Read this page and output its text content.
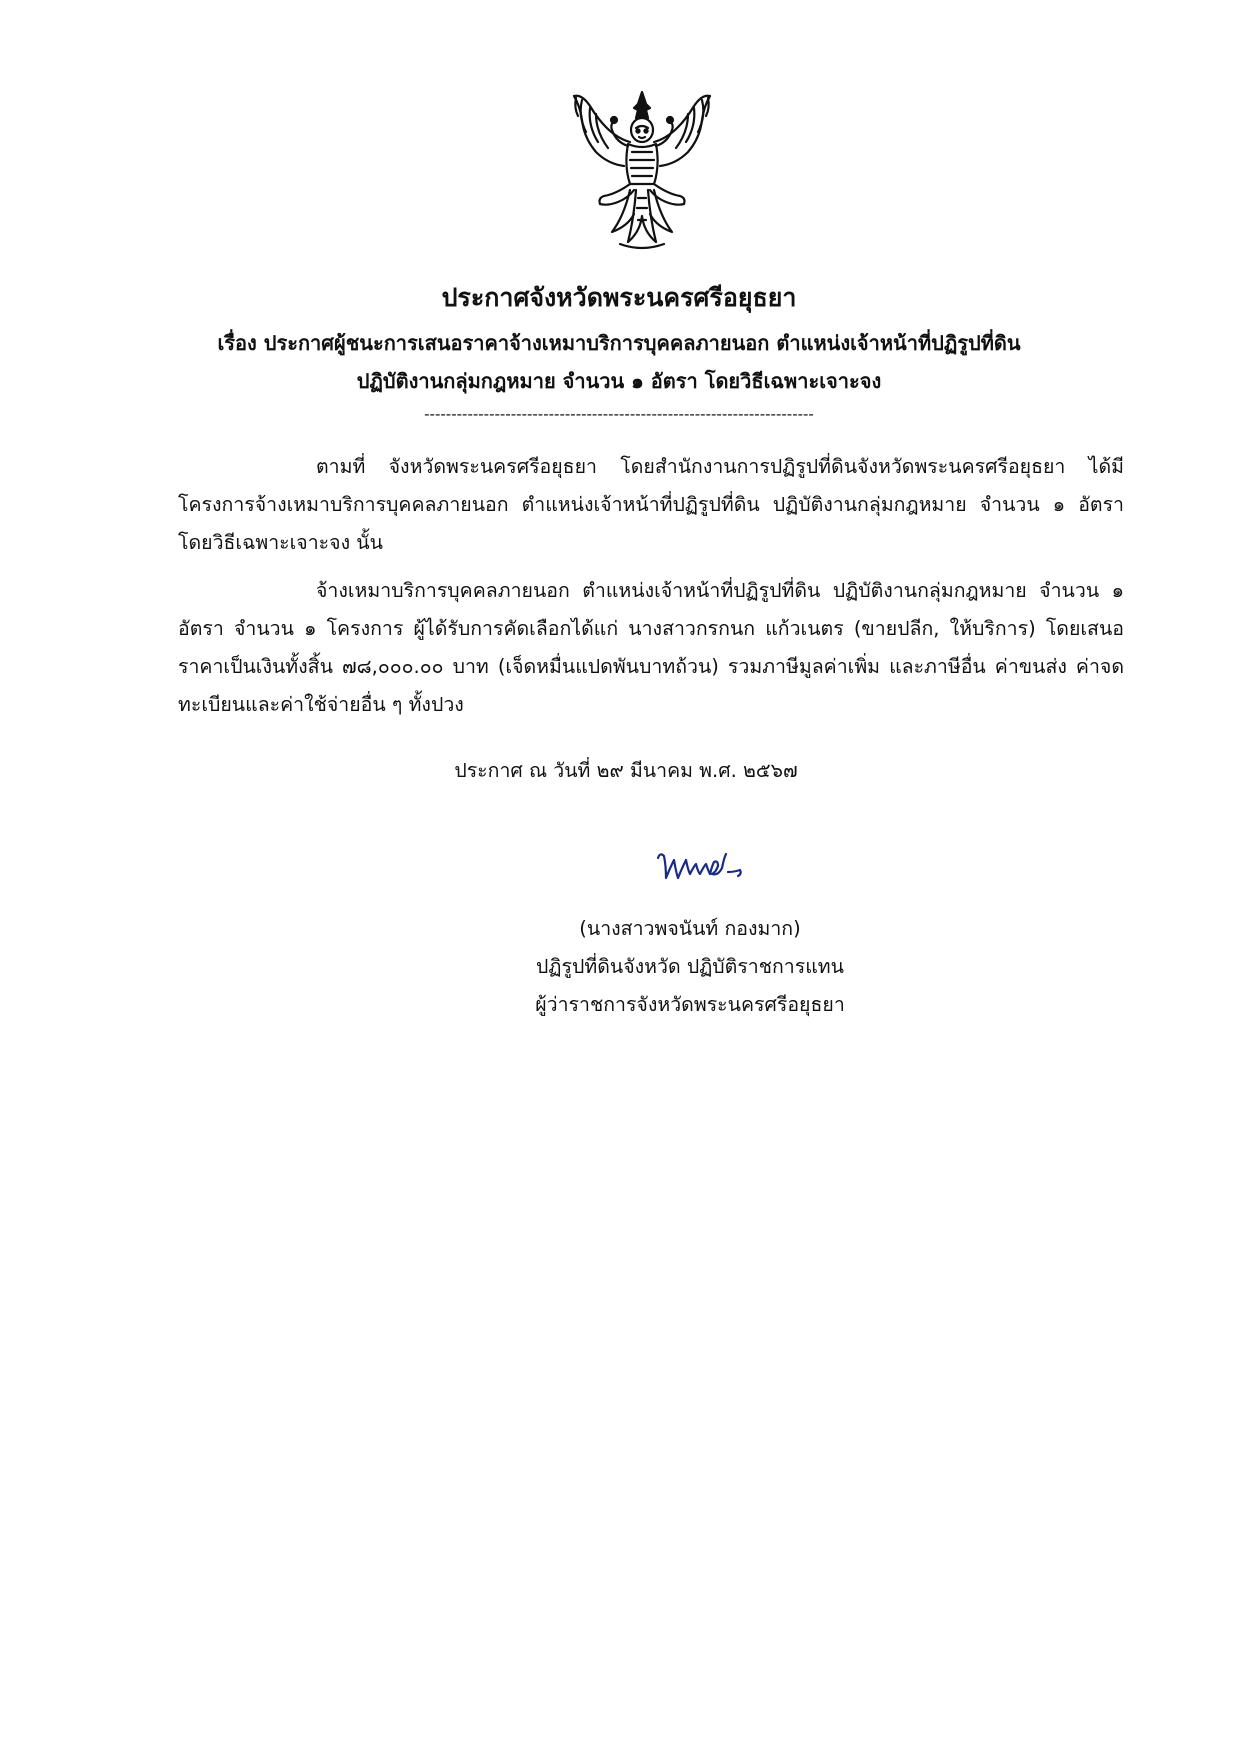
ประกาศจังหวัดพระนครศรีอยุธยา
เรื่อง ประกาศผู้ชนะการเสนอราคาจ้างเหมาบริการบุคคลภายนอก ตำแหน่งเจ้าหน้าที่ปฏิรูปที่ดิน
ปฏิบัติงานกลุ่มกฎหมาย จำนวน ๑ อัตรา โดยวิธีเฉพาะเจาะจง
------------------------------------------------------------------------
ตามที่ จังหวัดพระนครศรีอยุธยา โดยสำนักงานการปฏิรูปที่ดินจังหวัดพระนครศรีอยุธยา ได้มีโครงการจ้างเหมาบริการบุคคลภายนอก ตำแหน่งเจ้าหน้าที่ปฏิรูปที่ดิน ปฏิบัติงานกลุ่มกฎหมาย จำนวน ๑ อัตรา โดยวิธีเฉพาะเจาะจง นั้น
จ้างเหมาบริการบุคคลภายนอก ตำแหน่งเจ้าหน้าที่ปฏิรูปที่ดิน ปฏิบัติงานกลุ่มกฎหมาย จำนวน ๑ อัตรา จำนวน ๑ โครงการ ผู้ได้รับการคัดเลือกได้แก่ นางสาวกรกนก แก้วเนตร (ขายปลีก, ให้บริการ) โดยเสนอราคาเป็นเงินทั้งสิ้น ๗๘,๐๐๐.๐๐ บาท (เจ็ดหมื่นแปดพันบาทถ้วน) รวมภาษีมูลค่าเพิ่ม และภาษีอื่น ค่าขนส่ง ค่าจดทะเบียนและค่าใช้จ่ายอื่น ๆ ทั้งปวง
ประกาศ ณ วันที่ ๒๙ มีนาคม พ.ศ. ๒๕๖๗
(นางสาวพจนันท์ กองมาก)
ปฏิรูปที่ดินจังหวัด ปฏิบัติราชการแทน
ผู้ว่าราชการจังหวัดพระนครศรีอยุธยา
